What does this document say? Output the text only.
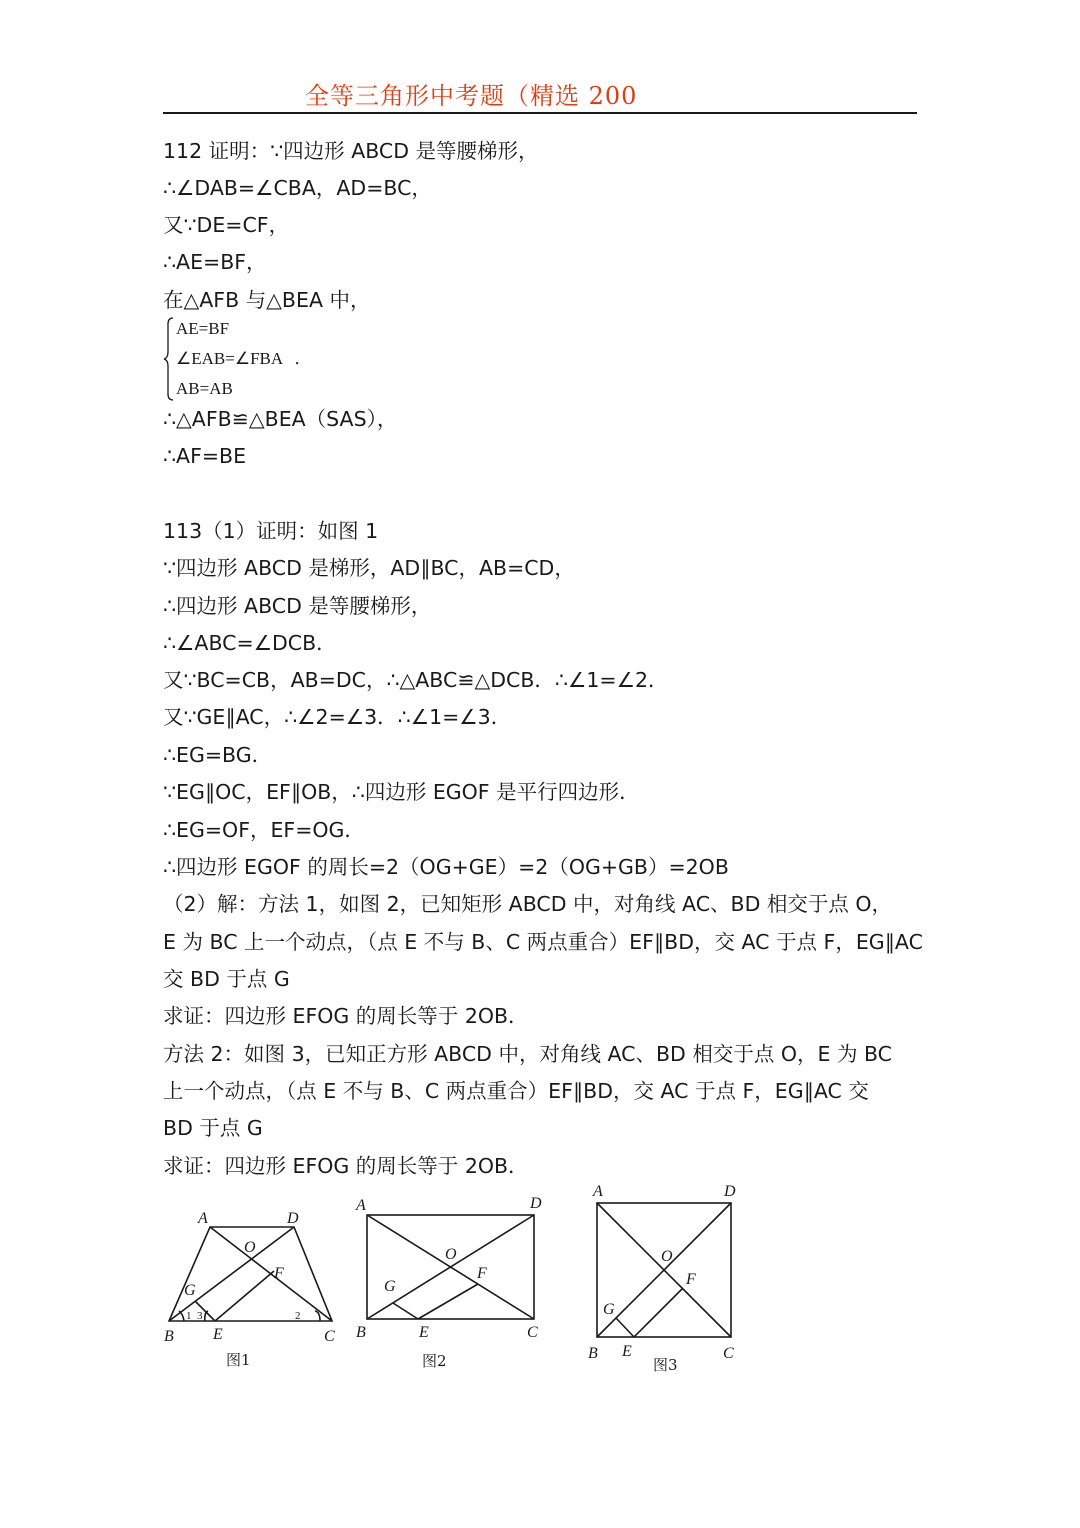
全等三角形中考题（精选 200
112 证明：∵四边形 ABCD 是等腰梯形，
∴∠DAB=∠CBA，AD=BC，
又∵DE=CF，
∴AE=BF，
在△AFB 与△BEA 中，
AE=BF
∠EAB=∠FBA ．
AB=AB
∴△AFB≌△BEA（SAS），
∴AF=BE
113（1）证明：如图 1
∵四边形 ABCD 是梯形，AD∥BC，AB=CD，
∴四边形 ABCD 是等腰梯形，
∴∠ABC=∠DCB．
又∵BC=CB，AB=DC，∴△ABC≌△DCB．∴∠1=∠2．
又∵GE∥AC，∴∠2=∠3．∴∠1=∠3．
∴EG=BG．
∵EG∥OC，EF∥OB，∴四边形 EGOF 是平行四边形．
∴EG=OF，EF=OG．
∴四边形 EGOF 的周长=2（OG+GE）=2（OG+GB）=2OB
（2）解：方法 1，如图 2，已知矩形 ABCD 中，对角线 AC、BD 相交于点 O，
E 为 BC 上一个动点，（点 E 不与 B、C 两点重合）EF∥BD，交 AC 于点 F，EG∥AC
交 BD 于点 G
求证：四边形 EFOG 的周长等于 2OB．
方法 2：如图 3，已知正方形 ABCD 中，对角线 AC、BD 相交于点 O，E 为 BC
上一个动点，（点 E 不与 B、C 两点重合）EF∥BD，交 AC 于点 F，EG∥AC 交
BD 于点 G
求证：四边形 EFOG 的周长等于 2OB．
A	D
O
G
F
B E	C
1 3	2
图1
A	D
O
G
F
B	E	C
图2
A	D
O
G
F
B E	C
图3
